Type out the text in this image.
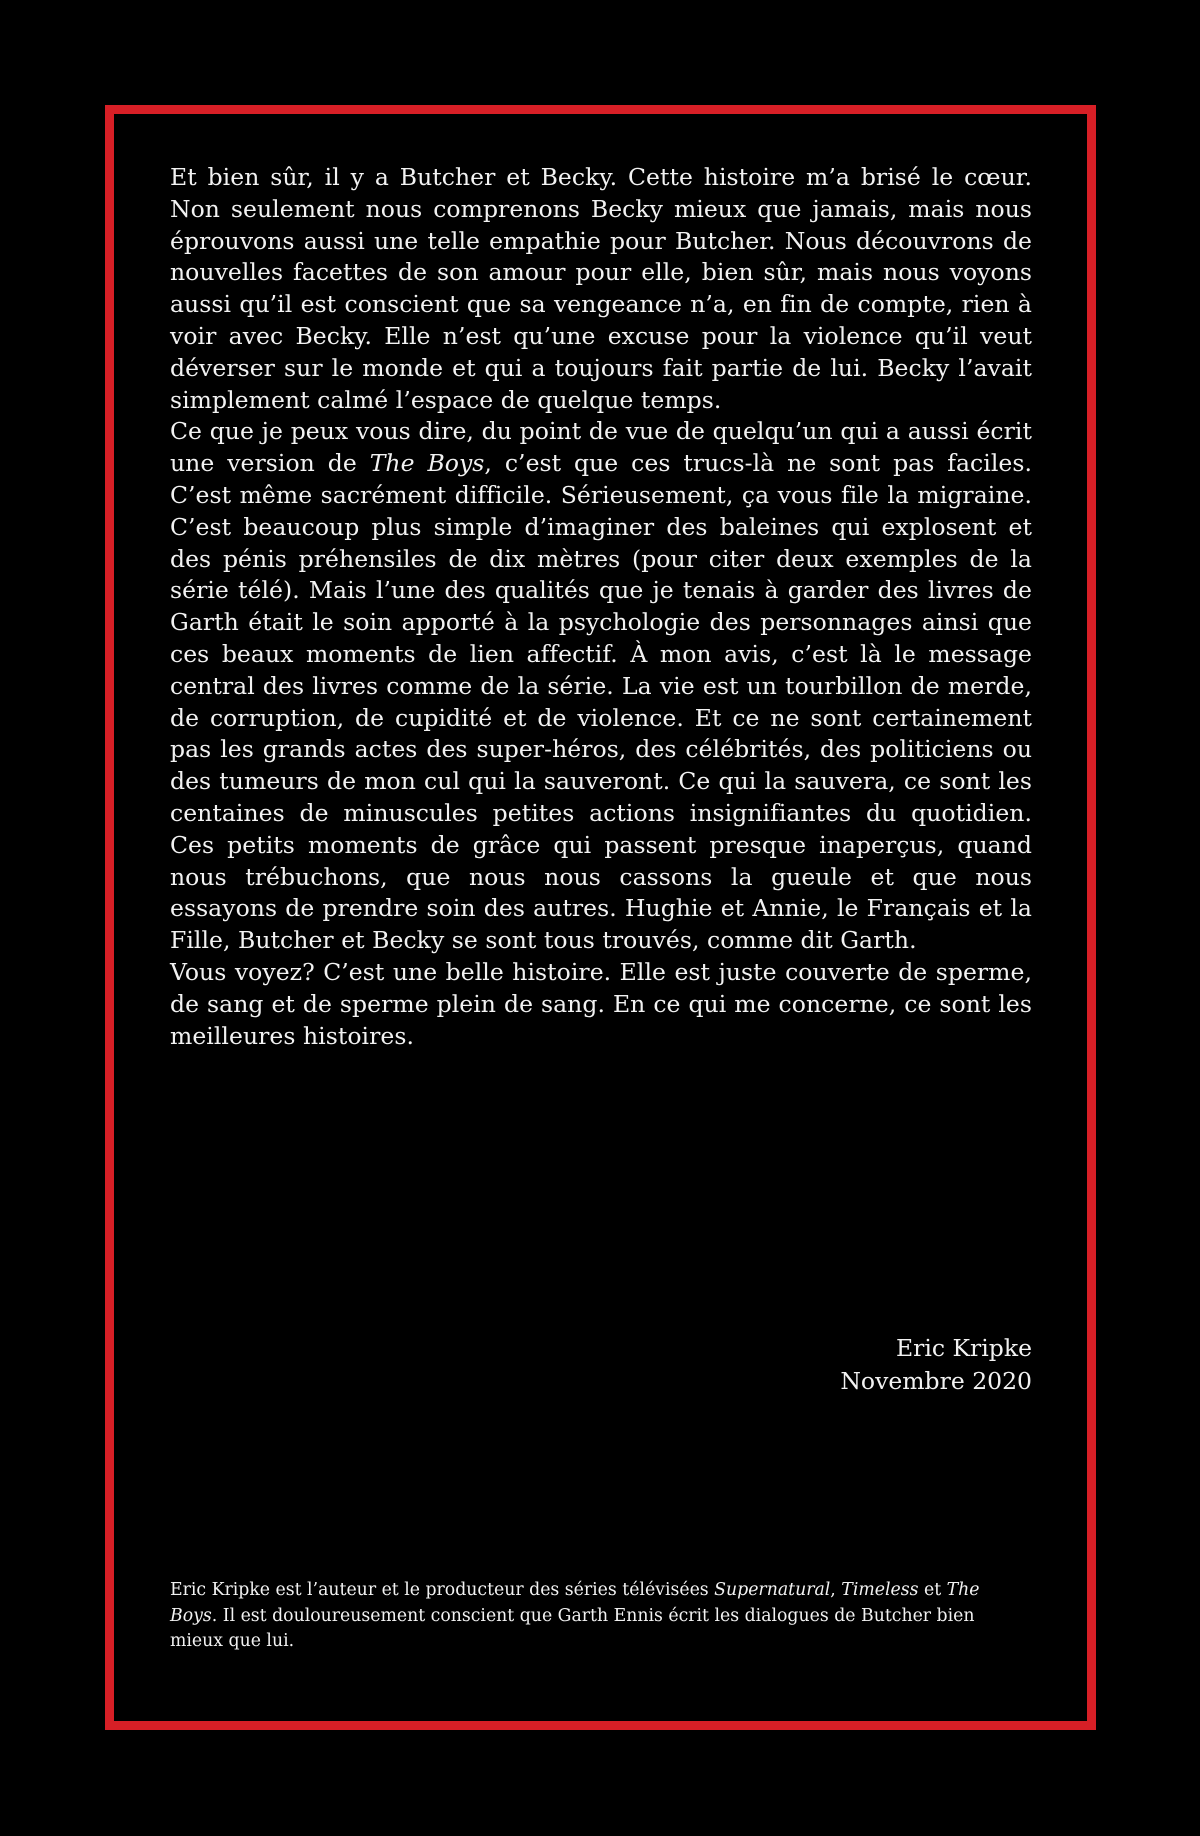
Et bien sûr, il y a Butcher et Becky. Cette histoire m’a brisé le cœur. Non seulement nous comprenons Becky mieux que jamais, mais nous éprouvons aussi une telle empathie pour Butcher. Nous découvrons de nouvelles facettes de son amour pour elle, bien sûr, mais nous voyons aussi qu’il est conscient que sa vengeance n’a, en fin de compte, rien à voir avec Becky. Elle n’est qu’une excuse pour la violence qu’il veut déverser sur le monde et qui a toujours fait partie de lui. Becky l’avait simplement calmé l’espace de quelque temps.

Ce que je peux vous dire, du point de vue de quelqu’un qui a aussi écrit une version de The Boys, c’est que ces trucs-là ne sont pas faciles. C’est même sacrément difficile. Sérieusement, ça vous file la migraine. C’est beaucoup plus simple d’imaginer des baleines qui explosent et des pénis préhensiles de dix mètres (pour citer deux exemples de la série télé). Mais l’une des qualités que je tenais à garder des livres de Garth était le soin apporté à la psychologie des personnages ainsi que ces beaux moments de lien affectif. À mon avis, c’est là le message central des livres comme de la série. La vie est un tourbillon de merde, de corruption, de cupidité et de violence. Et ce ne sont certainement pas les grands actes des super-héros, des célébrités, des politiciens ou des tumeurs de mon cul qui la sauveront. Ce qui la sauvera, ce sont les centaines de minuscules petites actions insignifiantes du quotidien. Ces petits moments de grâce qui passent presque inaperçus, quand nous trébuchons, que nous nous cassons la gueule et que nous essayons de prendre soin des autres. Hughie et Annie, le Français et la Fille, Butcher et Becky se sont tous trouvés, comme dit Garth.

Vous voyez? C’est une belle histoire. Elle est juste couverte de sperme, de sang et de sperme plein de sang. En ce qui me concerne, ce sont les meilleures histoires.

Eric Kripke
Novembre 2020
Eric Kripke est l’auteur et le producteur des séries télévisées Supernatural, Timeless et The Boys. Il est douloureusement conscient que Garth Ennis écrit les dialogues de Butcher bien mieux que lui.
